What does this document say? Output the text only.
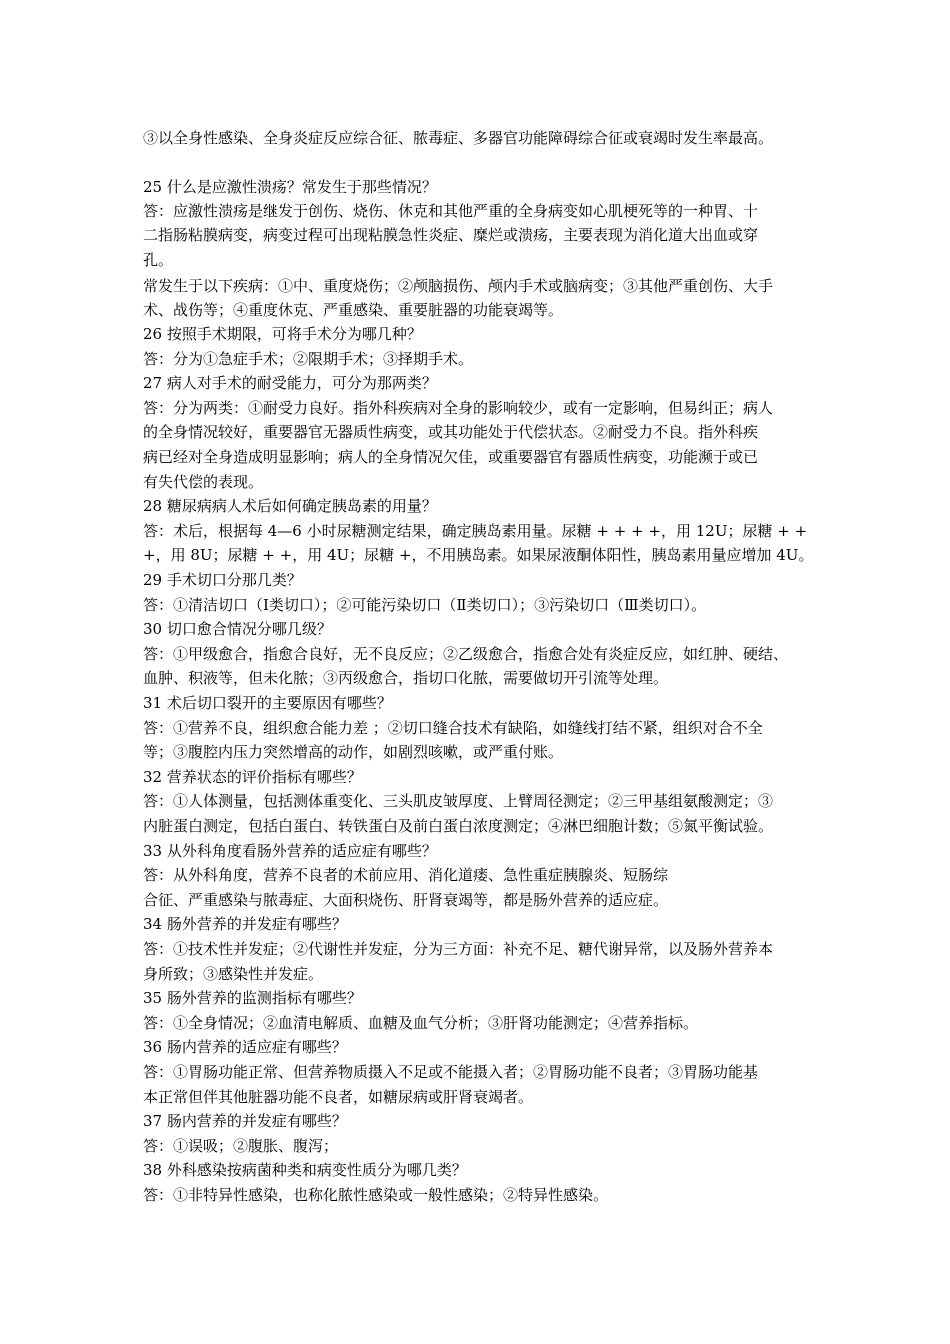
③以全身性感染、全身炎症反应综合征、脓毒症、多器官功能障碍综合征或衰竭时发生率最高。
25 什么是应激性溃疡？常发生于那些情况？
答：应激性溃疡是继发于创伤、烧伤、休克和其他严重的全身病变如心肌梗死等的一种胃、十
二指肠粘膜病变，病变过程可出现粘膜急性炎症、糜烂或溃疡，主要表现为消化道大出血或穿
孔。
常发生于以下疾病：①中、重度烧伤；②颅脑损伤、颅内手术或脑病变；③其他严重创伤、大手
术、战伤等；④重度休克、严重感染、重要脏器的功能衰竭等。
26 按照手术期限，可将手术分为哪几种？
答：分为①急症手术；②限期手术；③择期手术。
27 病人对手术的耐受能力，可分为那两类？
答：分为两类：①耐受力良好。指外科疾病对全身的影响较少，或有一定影响，但易纠正；病人
的全身情况较好，重要器官无器质性病变，或其功能处于代偿状态。②耐受力不良。指外科疾
病已经对全身造成明显影响；病人的全身情况欠佳，或重要器官有器质性病变，功能濒于或已
有失代偿的表现。
28 糖尿病病人术后如何确定胰岛素的用量？
答：术后，根据每 4—6 小时尿糖测定结果，确定胰岛素用量。尿糖 + + + +，用 12U；尿糖 + +
+，用 8U；尿糖 + +，用 4U；尿糖 +，不用胰岛素。如果尿液酮体阳性，胰岛素用量应增加 4U。
29 手术切口分那几类？
答：①清洁切口（Ⅰ类切口）；②可能污染切口（Ⅱ类切口）；③污染切口（Ⅲ类切口）。
30 切口愈合情况分哪几级？
答：①甲级愈合，指愈合良好，无不良反应；②乙级愈合，指愈合处有炎症反应，如红肿、硬结、
血肿、积液等，但未化脓；③丙级愈合，指切口化脓，需要做切开引流等处理。
31 术后切口裂开的主要原因有哪些？
答：①营养不良，组织愈合能力差 ；②切口缝合技术有缺陷，如缝线打结不紧，组织对合不全
等；③腹腔内压力突然增高的动作，如剧烈咳嗽，或严重付账。
32 营养状态的评价指标有哪些？
答：①人体测量，包括测体重变化、三头肌皮皱厚度、上臂周径测定；②三甲基组氨酸测定；③
内脏蛋白测定，包括白蛋白、转铁蛋白及前白蛋白浓度测定；④淋巴细胞计数；⑤氮平衡试验。
33 从外科角度看肠外营养的适应症有哪些？
答：从外科角度，营养不良者的术前应用、消化道瘘、急性重症胰腺炎、短肠综
合征、严重感染与脓毒症、大面积烧伤、肝肾衰竭等，都是肠外营养的适应症。
34 肠外营养的并发症有哪些？
答：①技术性并发症；②代谢性并发症，分为三方面：补充不足、糖代谢异常，以及肠外营养本
身所致；③感染性并发症。
35 肠外营养的监测指标有哪些？
答：①全身情况；②血清电解质、血糖及血气分析；③肝肾功能测定；④营养指标。
36 肠内营养的适应症有哪些？
答：①胃肠功能正常、但营养物质摄入不足或不能摄入者；②胃肠功能不良者；③胃肠功能基
本正常但伴其他脏器功能不良者，如糖尿病或肝肾衰竭者。
37 肠内营养的并发症有哪些？
答：①误吸；②腹胀、腹泻；
38 外科感染按病菌种类和病变性质分为哪几类？
答：①非特异性感染，也称化脓性感染或一般性感染；②特异性感染。
